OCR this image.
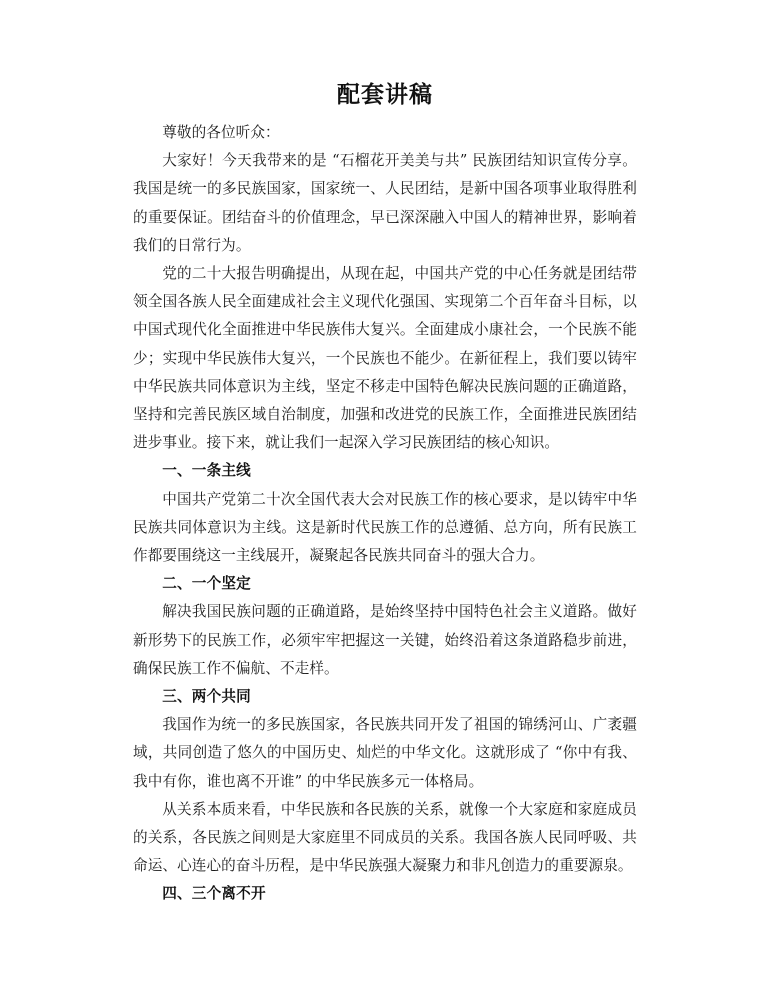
配套讲稿

尊敬的各位听众：

大家好！今天我带来的是 “石榴花开美美与共” 民族团结知识宣传分享。我国是统一的多民族国家，国家统一、人民团结，是新中国各项事业取得胜利的重要保证。团结奋斗的价值理念，早已深深融入中国人的精神世界，影响着我们的日常行为。

党的二十大报告明确提出，从现在起，中国共产党的中心任务就是团结带领全国各族人民全面建成社会主义现代化强国、实现第二个百年奋斗目标，以中国式现代化全面推进中华民族伟大复兴。全面建成小康社会，一个民族不能少；实现中华民族伟大复兴，一个民族也不能少。在新征程上，我们要以铸牢中华民族共同体意识为主线，坚定不移走中国特色解决民族问题的正确道路，坚持和完善民族区域自治制度，加强和改进党的民族工作，全面推进民族团结进步事业。接下来，就让我们一起深入学习民族团结的核心知识。

一、一条主线

中国共产党第二十次全国代表大会对民族工作的核心要求，是以铸牢中华民族共同体意识为主线。这是新时代民族工作的总遵循、总方向，所有民族工作都要围绕这一主线展开，凝聚起各民族共同奋斗的强大合力。

二、一个坚定

解决我国民族问题的正确道路，是始终坚持中国特色社会主义道路。做好新形势下的民族工作，必须牢牢把握这一关键，始终沿着这条道路稳步前进，确保民族工作不偏航、不走样。

三、两个共同

我国作为统一的多民族国家，各民族共同开发了祖国的锦绣河山、广袤疆域，共同创造了悠久的中国历史、灿烂的中华文化。这就形成了 “你中有我、我中有你，谁也离不开谁” 的中华民族多元一体格局。

从关系本质来看，中华民族和各民族的关系，就像一个大家庭和家庭成员的关系，各民族之间则是大家庭里不同成员的关系。我国各族人民同呼吸、共命运、心连心的奋斗历程，是中华民族强大凝聚力和非凡创造力的重要源泉。

四、三个离不开
